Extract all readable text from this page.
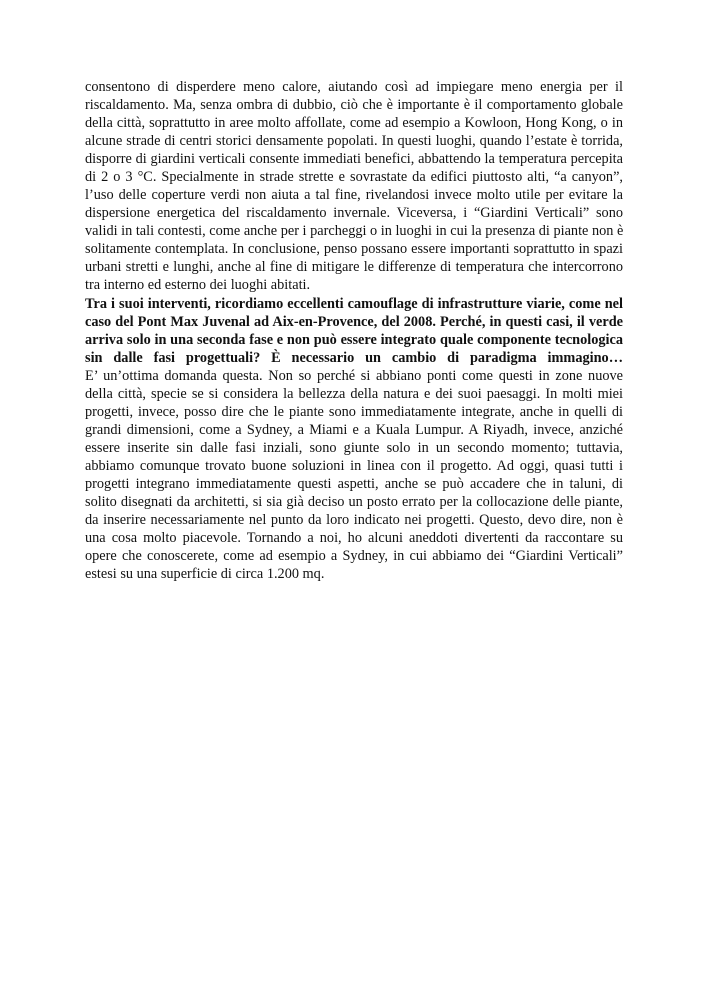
consentono di disperdere meno calore, aiutando così ad impiegare meno energia per il
riscaldamento. Ma, senza ombra di dubbio, ciò che è importante è il comportamento globale
della città, soprattutto in aree molto affollate, come ad esempio a Kowloon, Hong Kong, o in
alcune strade di centri storici densamente popolati. In questi luoghi, quando l’estate è torrida,
disporre di giardini verticali consente immediati benefici, abbattendo la temperatura percepita
di 2 o 3 °C. Specialmente in strade strette e sovrastate da edifici piuttosto alti, “a canyon”,
l’uso delle coperture verdi non aiuta a tal fine, rivelandosi invece molto utile per evitare la
dispersione energetica del riscaldamento invernale. Viceversa, i “Giardini Verticali” sono
validi in tali contesti, come anche per i parcheggi o in luoghi in cui la presenza di piante non è
solitamente contemplata. In conclusione, penso possano essere importanti soprattutto in spazi
urbani stretti e lunghi, anche al fine di mitigare le differenze di temperatura che intercorrono
tra interno ed esterno dei luoghi abitati.
Tra i suoi interventi, ricordiamo eccellenti camouflage di infrastrutture viarie, come nel
caso del Pont Max Juvenal ad Aix-en-Provence, del 2008. Perché, in questi casi, il verde
arriva solo in una seconda fase e non può essere integrato quale componente tecnologica
sin dalle fasi progettuali? È necessario un cambio di paradigma immagino…
E’ un’ottima domanda questa. Non so perché si abbiano ponti come questi in zone nuove
della città, specie se si considera la bellezza della natura e dei suoi paesaggi. In molti miei
progetti, invece, posso dire che le piante sono immediatamente integrate, anche in quelli di
grandi dimensioni, come a Sydney, a Miami e a Kuala Lumpur. A Riyadh, invece, anziché
essere inserite sin dalle fasi inziali, sono giunte solo in un secondo momento; tuttavia,
abbiamo comunque trovato buone soluzioni in linea con il progetto. Ad oggi, quasi tutti i
progetti integrano immediatamente questi aspetti, anche se può accadere che in taluni, di
solito disegnati da architetti, si sia già deciso un posto errato per la collocazione delle piante,
da inserire necessariamente nel punto da loro indicato nei progetti. Questo, devo dire, non è
una cosa molto piacevole. Tornando a noi, ho alcuni aneddoti divertenti da raccontare su
opere che conoscerete, come ad esempio a Sydney, in cui abbiamo dei “Giardini Verticali”
estesi su una superficie di circa 1.200 mq.
